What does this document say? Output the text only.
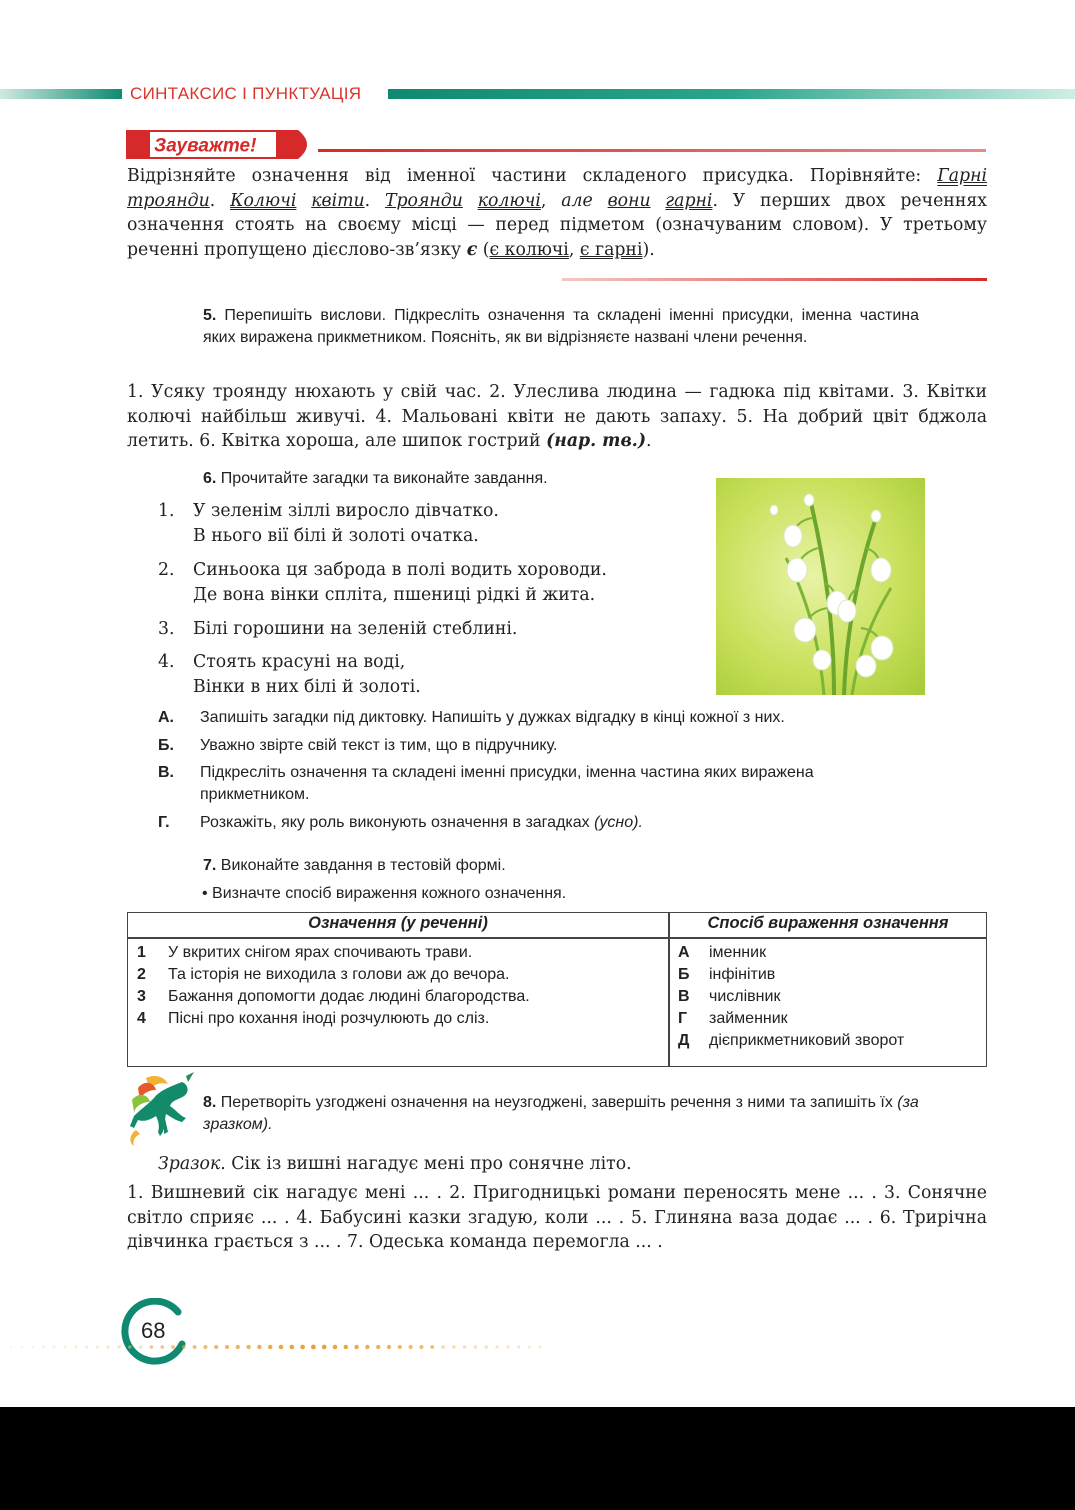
СИНТАКСИС І ПУНКТУАЦІЯ
Зауважте!
Відрізняйте означення від іменної частини складеного присудка. Порівняйте: Гарні троянди. Колючі квіти. Троянди колючі, але вони гарні. У перших двох реченнях означення стоять на своєму місці — перед підметом (означуваним словом). У третьому реченні пропущено дієслово-зв’язку є (є колючі, є гарні).
5. Перепишіть вислови. Підкресліть означення та складені іменні присудки, іменна частина яких виражена прикметником. Поясніть, як ви відрізняєте названі члени речення.
1. Усяку троянду нюхають у свій час. 2. Улеслива людина — гадюка під квітами. 3. Квітки колючі найбільш живучі. 4. Мальовані квіти не дають запаху. 5. На добрий цвіт бджола летить. 6. Квітка хороша, але шипок гострий (нар. тв.).
6. Прочитайте загадки та виконайте завдання.
1. У зеленім зіллі виросло дівчатко.
В нього вії білі й золоті очатка.
2. Синьоока ця заброда в полі водить хороводи.
Де вона вінки спліта, пшениці рідкі й жита.
3. Білі горошини на зеленій стеблині.
4. Стоять красуні на воді,
Вінки в них білі й золоті.
А. Запишіть загадки під диктовку. Напишіть у дужках відгадку в кінці кожної з них.
Б. Уважно звірте свій текст із тим, що в підручнику.
В. Підкресліть означення та складені іменні присудки, іменна частина яких виражена прикметником.
Г. Розкажіть, яку роль виконують означення в загадках (усно).
7. Виконайте завдання в тестовій формі.
• Визначте спосіб вираження кожного означення.
Означення (у реченні)	Спосіб вираження означення
1 У вкритих снігом ярах спочивають трави.
2 Та історія не виходила з голови аж до вечора.
3 Бажання допомогти додає людині благородства.
4 Пісні про кохання іноді розчулюють до сліз.
А іменник
Б інфінітив
В числівник
Г займенник
Д дієприкметниковий зворот
8. Перетворіть узгоджені означення на неузгоджені, завершіть речення з ними та запишіть їх (за зразком).
Зразок. Сік із вишні нагадує мені про сонячне літо.
1. Вишневий сік нагадує мені ... . 2. Пригодницькі романи переносять мене ... . 3. Сонячне світло сприяє ... . 4. Бабусині казки згадую, коли ... . 5. Глиняна ваза додає ... . 6. Трирічна дівчинка грається з ... . 7. Одеська команда перемогла ... .
68
